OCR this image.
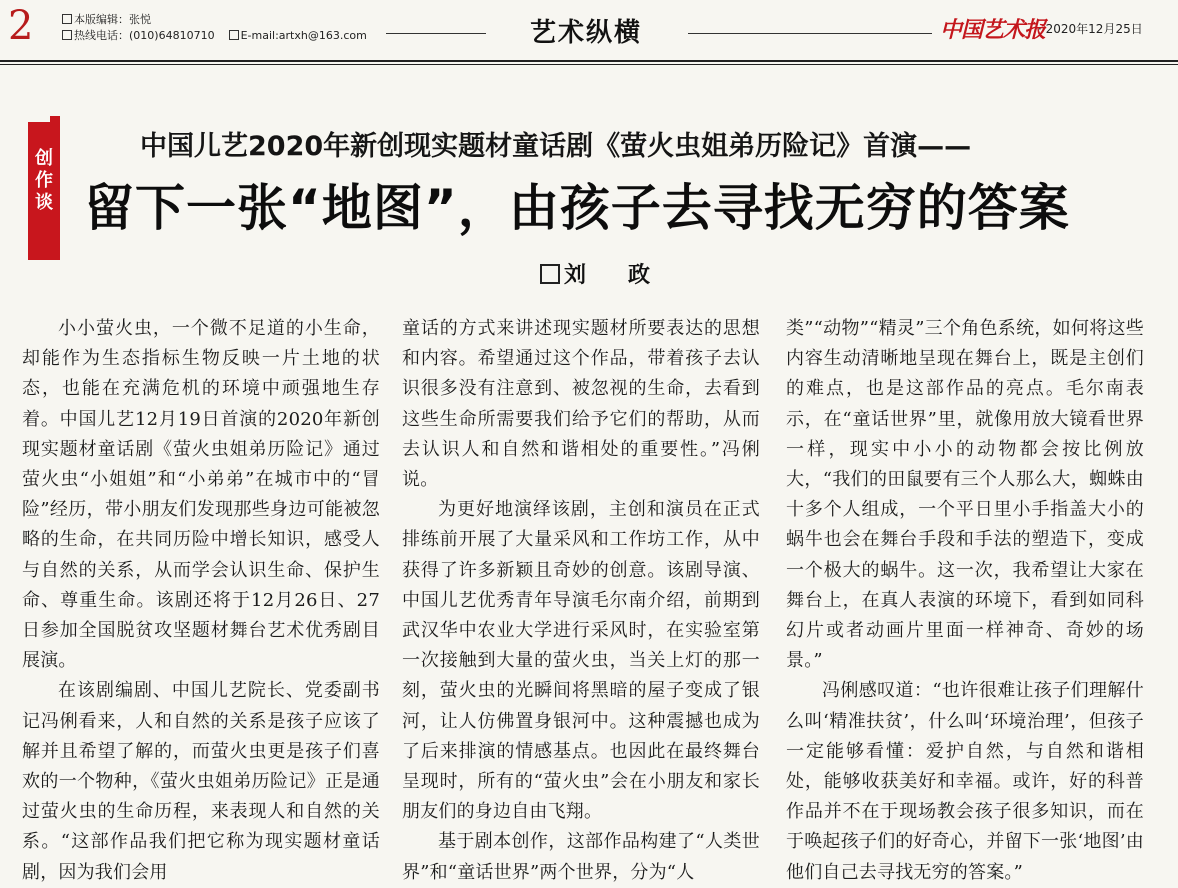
2	本版编辑：张悦
热线电话：(010)64810710 E-mail:artxh@163.com	艺术纵横	中国艺术报
· 2020年12月25日
创作谈
中国儿艺2020年新创现实题材童话剧《萤火虫姐弟历险记》首演——
留下一张“地图”，由孩子去寻找无穷的答案
刘　政

小小萤火虫，一个微不足道的小生命，却能作为生态指标生物反映一片土地的状态，也能在充满危机的环境中顽强地生存着。中国儿艺12月19日首演的2020年新创现实题材童话剧《萤火虫姐弟历险记》通过萤火虫“小姐姐”和“小弟弟”在城市中的“冒险”经历，带小朋友们发现那些身边可能被忽略的生命，在共同历险中增长知识，感受人与自然的关系，从而学会认识生命、保护生命、尊重生命。该剧还将于12月26日、27日参加全国脱贫攻坚题材舞台艺术优秀剧目展演。

在该剧编剧、中国儿艺院长、党委副书记冯俐看来，人和自然的关系是孩子应该了解并且希望了解的，而萤火虫更是孩子们喜欢的一个物种，《萤火虫姐弟历险记》正是通过萤火虫的生命历程，来表现人和自然的关系。“这部作品我们把它称为现实题材童话剧，因为我们会用

童话的方式来讲述现实题材所要表达的思想和内容。希望通过这个作品，带着孩子去认识很多没有注意到、被忽视的生命，去看到这些生命所需要我们给予它们的帮助，从而去认识人和自然和谐相处的重要性。”冯俐说。

为更好地演绎该剧，主创和演员在正式排练前开展了大量采风和工作坊工作，从中获得了许多新颖且奇妙的创意。该剧导演、中国儿艺优秀青年导演毛尔南介绍，前期到武汉华中农业大学进行采风时，在实验室第一次接触到大量的萤火虫，当关上灯的那一刻，萤火虫的光瞬间将黑暗的屋子变成了银河，让人仿佛置身银河中。这种震撼也成为了后来排演的情感基点。也因此在最终舞台呈现时，所有的“萤火虫”会在小朋友和家长朋友们的身边自由飞翔。

基于剧本创作，这部作品构建了“人类世界”和“童话世界”两个世界，分为“人

类”“动物”“精灵”三个角色系统，如何将这些内容生动清晰地呈现在舞台上，既是主创们的难点，也是这部作品的亮点。毛尔南表示，在“童话世界”里，就像用放大镜看世界一样，现实中小小的动物都会按比例放大，“我们的田鼠要有三个人那么大，蜘蛛由十多个人组成，一个平日里小手指盖大小的蜗牛也会在舞台手段和手法的塑造下，变成一个极大的蜗牛。这一次，我希望让大家在舞台上，在真人表演的环境下，看到如同科幻片或者动画片里面一样神奇、奇妙的场景。”

冯俐感叹道：“也许很难让孩子们理解什么叫‘精准扶贫’，什么叫‘环境治理’，但孩子一定能够看懂：爱护自然，与自然和谐相处，能够收获美好和幸福。或许，好的科普作品并不在于现场教会孩子很多知识，而在于唤起孩子们的好奇心，并留下一张‘地图’由他们自己去寻找无穷的答案。”
